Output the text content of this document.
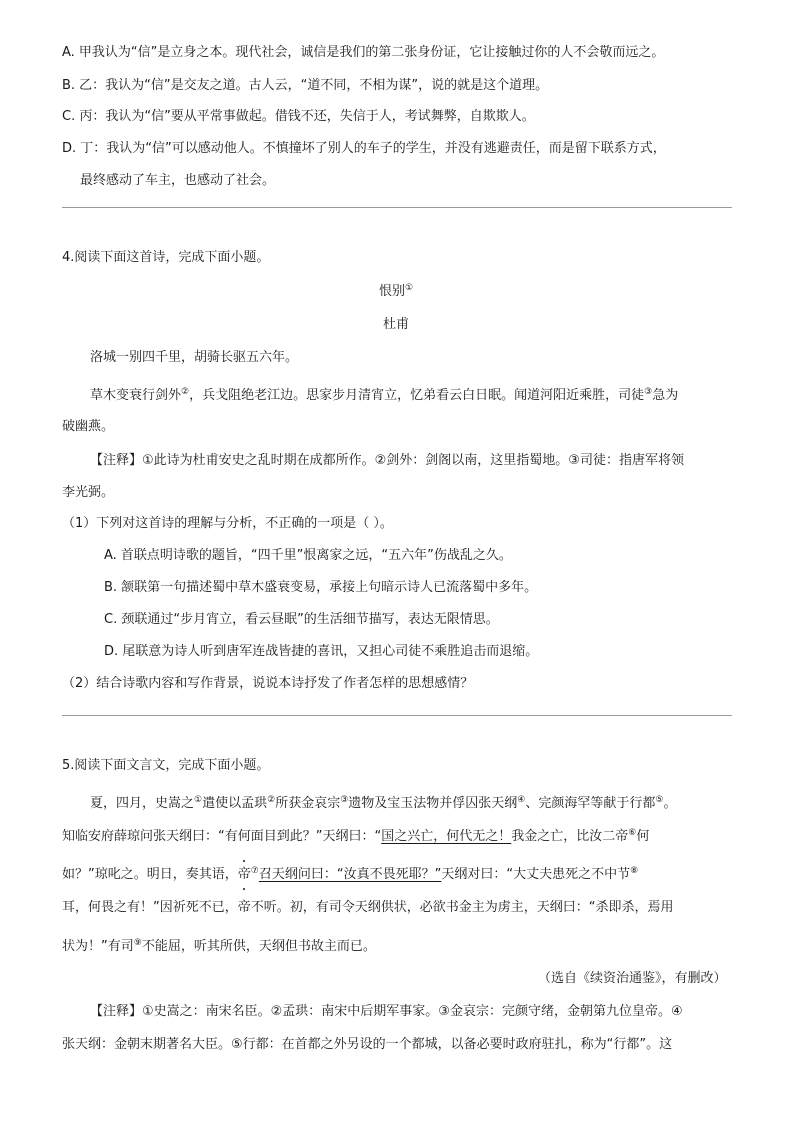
A. 甲我认为“信”是立身之本。现代社会，诚信是我们的第二张身份证，它让接触过你的人不会敬而远之。
B. 乙：我认为“信”是交友之道。古人云，“道不同，不相为谋”，说的就是这个道理。
C. 丙：我认为“信”要从平常事做起。借钱不还，失信于人，考试舞弊，自欺欺人。
D. 丁：我认为“信”可以感动他人。不慎撞坏了别人的车子的学生，并没有逃避责任，而是留下联系方式，
最终感动了车主，也感动了社会。
4.阅读下面这首诗，完成下面小题。
恨别①
杜甫
洛城一别四千里，胡骑长驱五六年。
草木变衰行剑外②，兵戈阻绝老江边。思家步月清宵立，忆弟看云白日眠。闻道河阳近乘胜，司徒③急为
破幽燕。
【注释】①此诗为杜甫安史之乱时期在成都所作。②剑外：剑阁以南，这里指蜀地。③司徒：指唐军将领
李光弼。
（1）下列对这首诗的理解与分析，不正确的一项是（ ）。
A. 首联点明诗歌的题旨，“四千里”恨离家之远，“五六年”伤战乱之久。
B. 颔联第一句描述蜀中草木盛衰变易，承接上句暗示诗人已流落蜀中多年。
C. 颈联通过“步月宵立，看云昼眠”的生活细节描写，表达无限情思。
D. 尾联意为诗人听到唐军连战皆捷的喜讯，又担心司徒不乘胜追击而退缩。
（2）结合诗歌内容和写作背景，说说本诗抒发了作者怎样的思想感情？
5.阅读下面文言文，完成下面小题。
夏，四月，史嵩之①遣使以孟珙②所获金哀宗③遗物及宝玉法物并俘囚张天纲④、完颜海罕等献于行都⑤。
知临安府薛琼问张天纲曰：“有何面目到此？”天纲曰：“国之兴亡，何代无之！我金之亡，比汝二帝⑥何
如？”琼叱之。明日，奏其语，帝⑦召天纲问曰：“汝真不畏死耶？”天纲对曰：“大丈夫患死之不中节⑧
耳，何畏之有！”因祈死不已，帝不听。初，有司令天纲供状，必欲书金主为虏主，天纲曰：“杀即杀，焉用
状为！”有司⑨不能屈，听其所供，天纲但书故主而已。
（选自《续资治通鉴》，有删改）
【注释】①史嵩之：南宋名臣。②孟珙：南宋中后期军事家。③金哀宗：完颜守绪，金朝第九位皇帝。④
张天纲：金朝末期著名大臣。⑤行都：在首都之外另设的一个都城，以备必要时政府驻扎，称为“行都”。这
